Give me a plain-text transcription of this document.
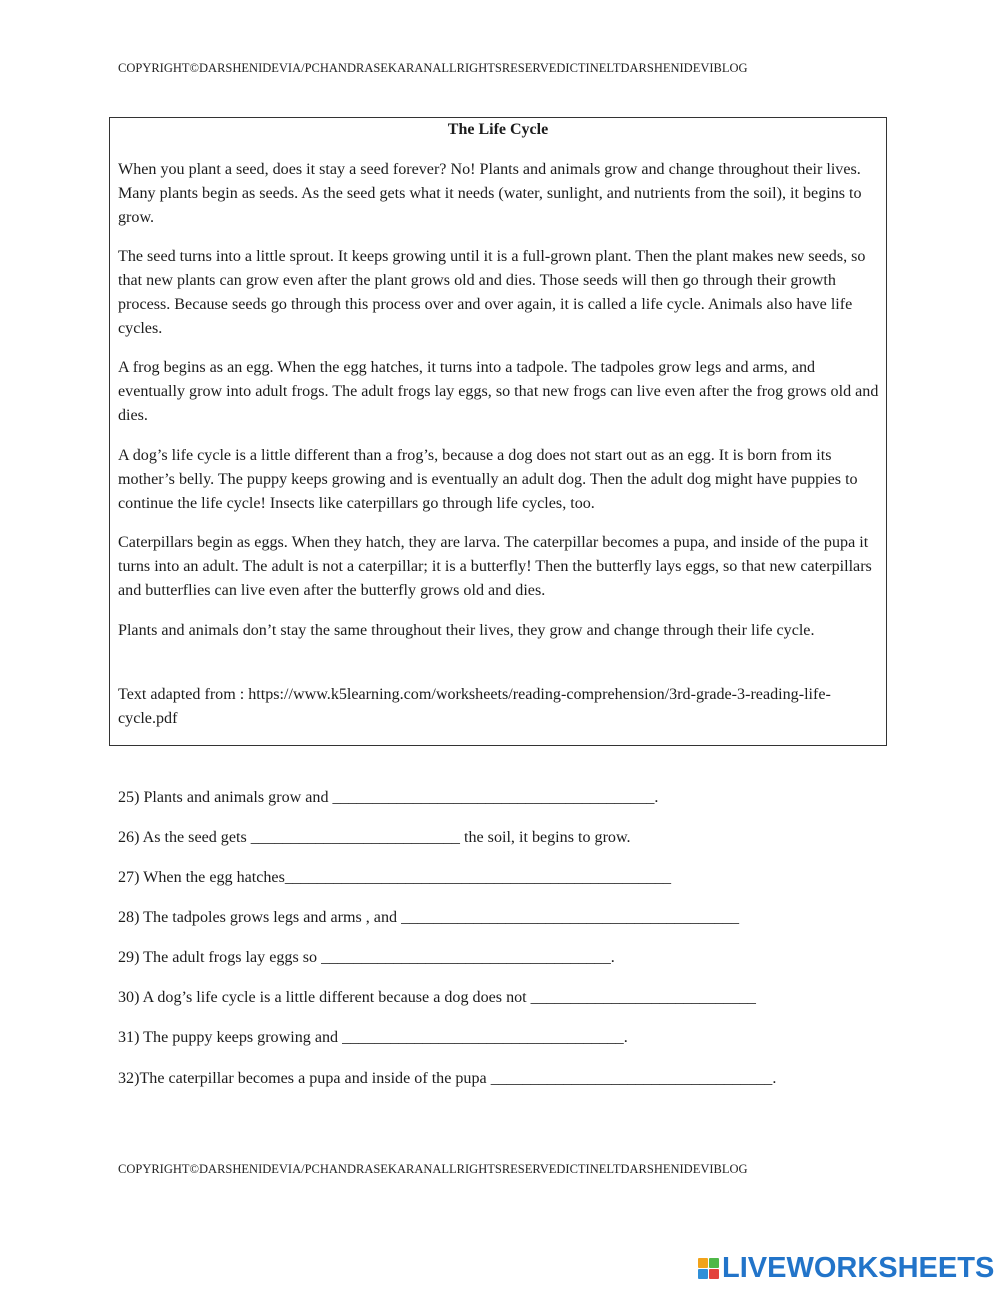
COPYRIGHT©DARSHENIDEVIA/PCHANDRASEKARANALLRIGHTSRESERVEDICTINELTDARSHENIDEVIBLOG
The Life Cycle

When you plant a seed, does it stay a seed forever? No! Plants and animals grow and change throughout their lives. Many plants begin as seeds. As the seed gets what it needs (water, sunlight, and nutrients from the soil), it begins to grow.

The seed turns into a little sprout. It keeps growing until it is a full-grown plant. Then the plant makes new seeds, so that new plants can grow even after the plant grows old and dies. Those seeds will then go through their growth process. Because seeds go through this process over and over again, it is called a life cycle. Animals also have life cycles.

A frog begins as an egg. When the egg hatches, it turns into a tadpole. The tadpoles grow legs and arms, and eventually grow into adult frogs. The adult frogs lay eggs, so that new frogs can live even after the frog grows old and dies.

A dog’s life cycle is a little different than a frog’s, because a dog does not start out as an egg. It is born from its mother’s belly. The puppy keeps growing and is eventually an adult dog. Then the adult dog might have puppies to continue the life cycle! Insects like caterpillars go through life cycles, too.

Caterpillars begin as eggs. When they hatch, they are larva. The caterpillar becomes a pupa, and inside of the pupa it turns into an adult. The adult is not a caterpillar; it is a butterfly! Then the butterfly lays eggs, so that new caterpillars and butterflies can live even after the butterfly grows old and dies.

Plants and animals don’t stay the same throughout their lives, they grow and change through their life cycle.

Text adapted from : https://www.k5learning.com/worksheets/reading-comprehension/3rd-grade-3-reading-life-cycle.pdf

25) Plants and animals grow and ________________________________________.
26) As the seed gets __________________________ the soil, it begins to grow.
27) When the egg hatches________________________________________________
28) The tadpoles grows legs and arms , and __________________________________________
29) The adult frogs lay eggs so ____________________________________.
30) A dog’s life cycle is a little different because a dog does not ____________________________
31) The puppy keeps growing and ___________________________________.
32)The caterpillar becomes a pupa and inside of the pupa ___________________________________.
COPYRIGHT©DARSHENIDEVIA/PCHANDRASEKARANALLRIGHTSRESERVEDICTINELTDARSHENIDEVIBLOG
LIVEWORKSHEETS
